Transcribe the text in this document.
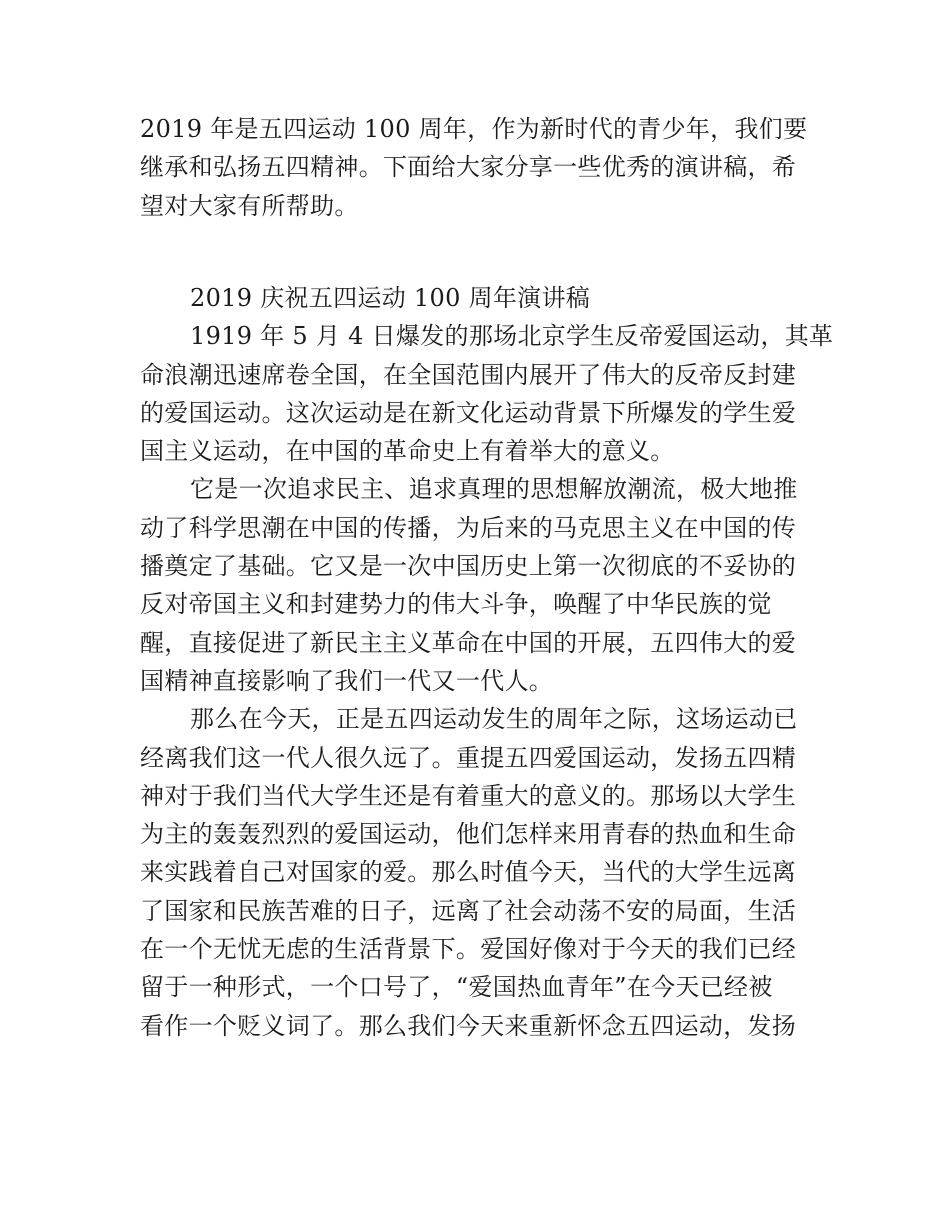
2019 年是五四运动 100 周年，作为新时代的青少年，我们要
继承和弘扬五四精神。下面给大家分享一些优秀的演讲稿，希
望对大家有所帮助。
2019 庆祝五四运动 100 周年演讲稿
1919 年 5 月 4 日爆发的那场北京学生反帝爱国运动，其革
命浪潮迅速席卷全国，在全国范围内展开了伟大的反帝反封建
的爱国运动。这次运动是在新文化运动背景下所爆发的学生爱
国主义运动，在中国的革命史上有着举大的意义。
它是一次追求民主、追求真理的思想解放潮流，极大地推
动了科学思潮在中国的传播，为后来的马克思主义在中国的传
播奠定了基础。它又是一次中国历史上第一次彻底的不妥协的
反对帝国主义和封建势力的伟大斗争，唤醒了中华民族的觉
醒，直接促进了新民主主义革命在中国的开展，五四伟大的爱
国精神直接影响了我们一代又一代人。
那么在今天，正是五四运动发生的周年之际，这场运动已
经离我们这一代人很久远了。重提五四爱国运动，发扬五四精
神对于我们当代大学生还是有着重大的意义的。那场以大学生
为主的轰轰烈烈的爱国运动，他们怎样来用青春的热血和生命
来实践着自己对国家的爱。那么时值今天，当代的大学生远离
了国家和民族苦难的日子，远离了社会动荡不安的局面，生活
在一个无忧无虑的生活背景下。爱国好像对于今天的我们已经
留于一种形式，一个口号了，“爱国热血青年”在今天已经被
看作一个贬义词了。那么我们今天来重新怀念五四运动，发扬
